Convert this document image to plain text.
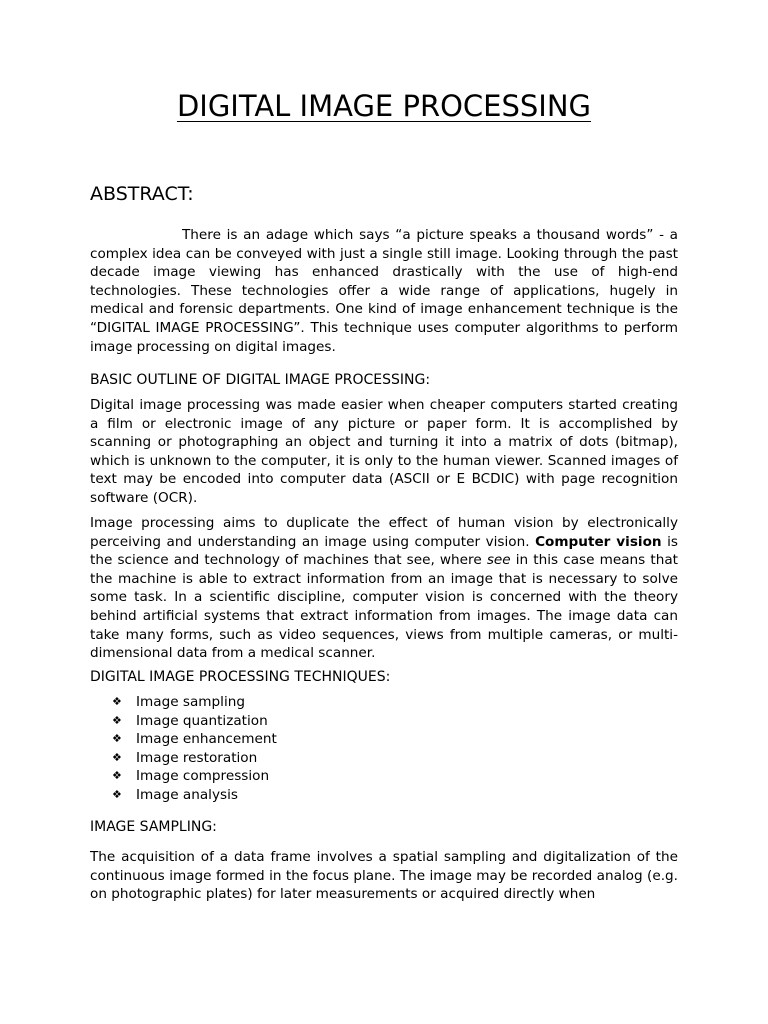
DIGITAL IMAGE PROCESSING
ABSTRACT:

There is an adage which says “a picture speaks a thousand words” - a complex idea can be conveyed with just a single still image. Looking through the past decade image viewing has enhanced drastically with the use of high-end technologies. These technologies offer a wide range of applications, hugely in medical and forensic departments. One kind of image enhancement technique is the “DIGITAL IMAGE PROCESSING”. This technique uses computer algorithms to perform image processing on digital images.

BASIC OUTLINE OF DIGITAL IMAGE PROCESSING:

Digital image processing was made easier when cheaper computers started creating a film or electronic image of any picture or paper form. It is accomplished by scanning or photographing an object and turning it into a matrix of dots (bitmap), which is unknown to the computer, it is only to the human viewer. Scanned images of text may be encoded into computer data (ASCII or E BCDIC) with page recognition software (OCR).

Image processing aims to duplicate the effect of human vision by electronically perceiving and understanding an image using computer vision. Computer vision is the science and technology of machines that see, where see in this case means that the machine is able to extract information from an image that is necessary to solve some task. In a scientific discipline, computer vision is concerned with the theory behind artificial systems that extract information from images. The image data can take many forms, such as video sequences, views from multiple cameras, or multi-dimensional data from a medical scanner.

DIGITAL IMAGE PROCESSING TECHNIQUES:
❖	Image sampling
❖	Image quantization
❖	Image enhancement
❖	Image restoration
❖	Image compression
❖	Image analysis
IMAGE SAMPLING:

The acquisition of a data frame involves a spatial sampling and digitalization of the continuous image formed in the focus plane. The image may be recorded analog (e.g. on photographic plates) for later measurements or acquired directly when
